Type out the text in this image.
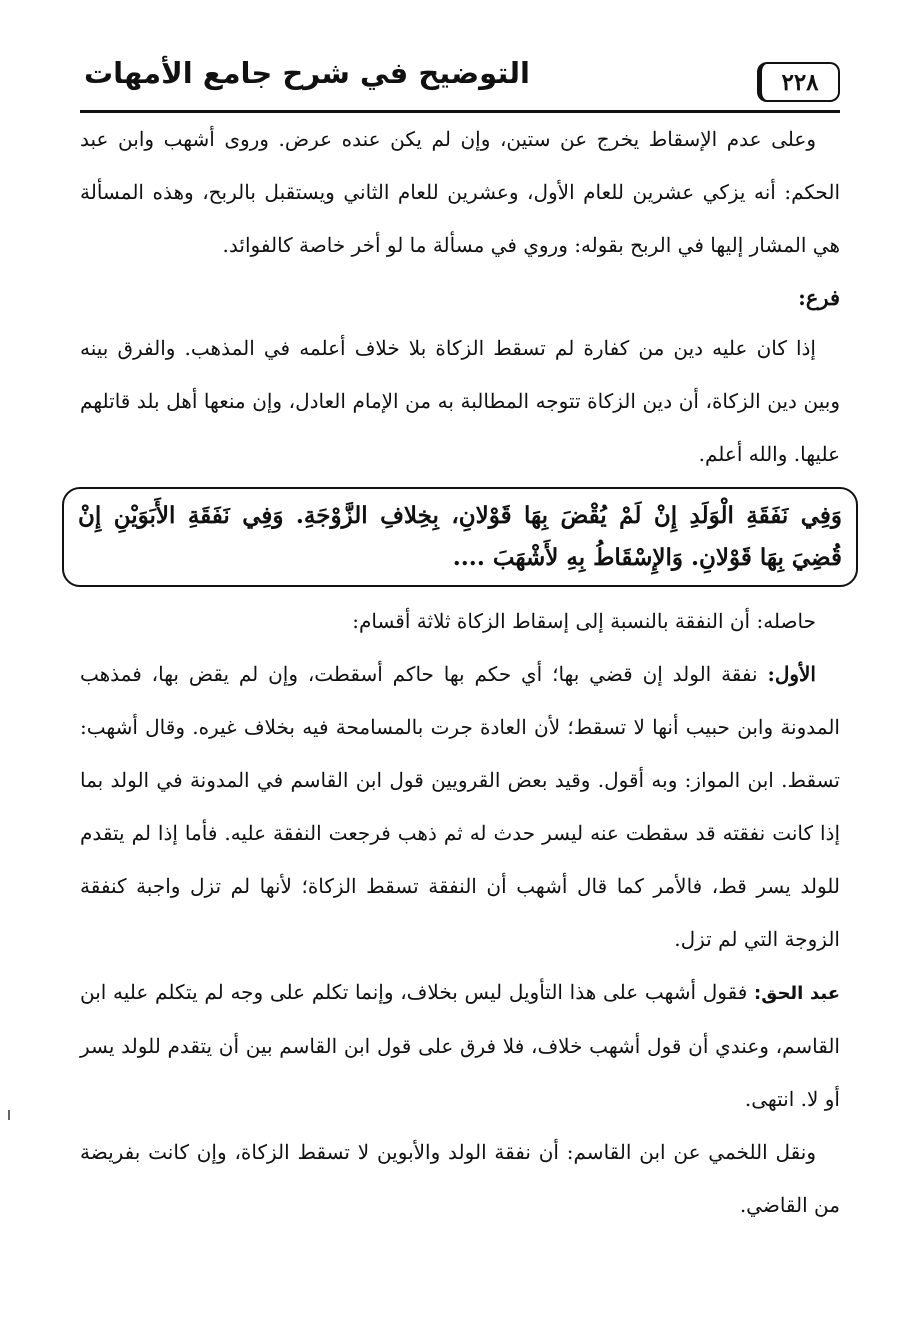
٢٢٨
التوضيح في شرح جامع الأمهات

وعلى عدم الإسقاط يخرج عن ستين، وإن لم يكن عنده عرض. وروى أشهب وابن عبد الحكم: أنه يزكي عشرين للعام الأول، وعشرين للعام الثاني ويستقبل بالربح، وهذه المسألة هي المشار إليها في الربح بقوله: وروي في مسألة ما لو أخر خاصة كالفوائد.

فرع:

إذا كان عليه دين من كفارة لم تسقط الزكاة بلا خلاف أعلمه في المذهب. والفرق بينه وبين دين الزكاة، أن دين الزكاة تتوجه المطالبة به من الإمام العادل، وإن منعها أهل بلد قاتلهم عليها. والله أعلم.

وَفِي نَفَقَةِ الْوَلَدِ إِنْ لَمْ يُقْضَ بِهَا قَوْلانِ، بِخِلافِ الزَّوْجَةِ. وَفِي نَفَقَةِ الأَبَوَيْنِ إِنْ قُضِيَ بِهَا قَوْلانِ. وَالإِسْقَاطُ بِهِ لأَشْهَبَ ....

حاصله: أن النفقة بالنسبة إلى إسقاط الزكاة ثلاثة أقسام:

الأول: نفقة الولد إن قضي بها؛ أي حكم بها حاكم أسقطت، وإن لم يقض بها، فمذهب المدونة وابن حبيب أنها لا تسقط؛ لأن العادة جرت بالمسامحة فيه بخلاف غيره. وقال أشهب: تسقط. ابن المواز: وبه أقول. وقيد بعض القرويين قول ابن القاسم في المدونة في الولد بما إذا كانت نفقته قد سقطت عنه ليسر حدث له ثم ذهب فرجعت النفقة عليه. فأما إذا لم يتقدم للولد يسر قط، فالأمر كما قال أشهب أن النفقة تسقط الزكاة؛ لأنها لم تزل واجبة كنفقة الزوجة التي لم تزل.

عبد الحق: فقول أشهب على هذا التأويل ليس بخلاف، وإنما تكلم على وجه لم يتكلم عليه ابن القاسم، وعندي أن قول أشهب خلاف، فلا فرق على قول ابن القاسم بين أن يتقدم للولد يسر أو لا. انتهى.

ونقل اللخمي عن ابن القاسم: أن نفقة الولد والأبوين لا تسقط الزكاة، وإن كانت بفريضة من القاضي.
